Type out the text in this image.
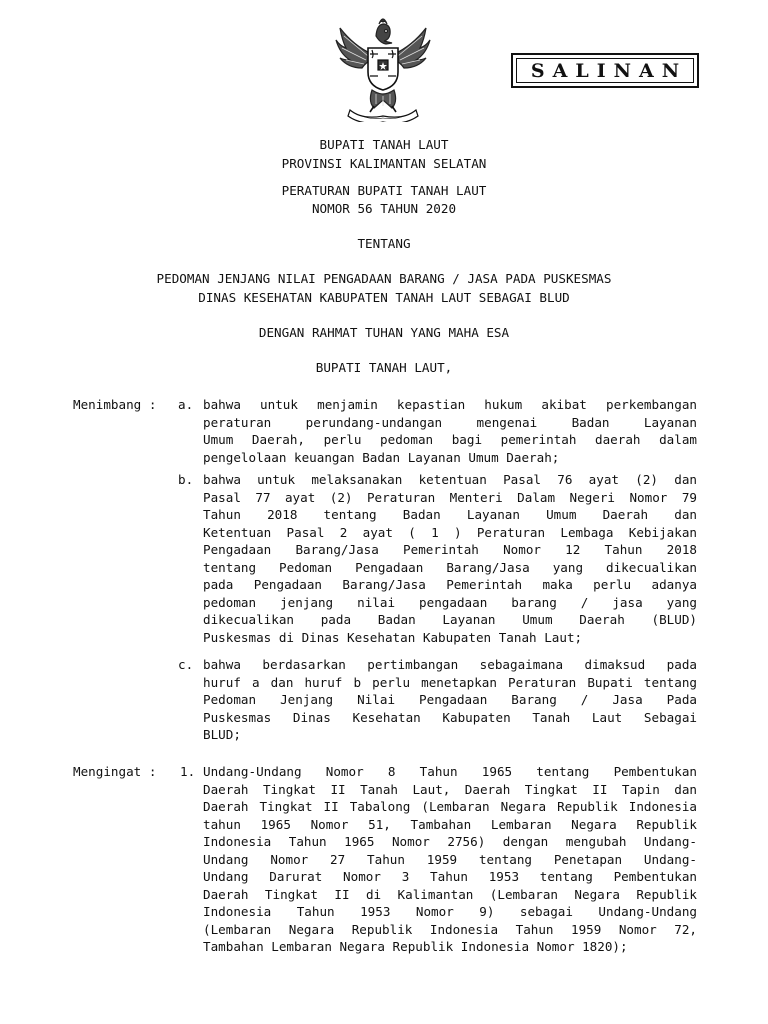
SALINAN
BUPATI TANAH LAUT
PROVINSI KALIMANTAN SELATAN
PERATURAN BUPATI TANAH LAUT
NOMOR 56 TAHUN 2020
TENTANG
PEDOMAN JENJANG NILAI PENGADAAN BARANG / JASA PADA PUSKESMAS
DINAS KESEHATAN KABUPATEN TANAH LAUT SEBAGAI BLUD
DENGAN RAHMAT TUHAN YANG MAHA ESA
BUPATI TANAH LAUT,
Menimbang : a. bahwa untuk menjamin kepastian hukum akibat perkembangan
peraturan perundang-undangan mengenai Badan Layanan
Umum Daerah, perlu pedoman bagi pemerintah daerah dalam
pengelolaan keuangan Badan Layanan Umum Daerah;
b. bahwa untuk melaksanakan ketentuan Pasal 76 ayat (2) dan
Pasal 77 ayat (2) Peraturan Menteri Dalam Negeri Nomor 79
Tahun 2018 tentang Badan Layanan Umum Daerah dan
Ketentuan Pasal 2 ayat ( 1 ) Peraturan Lembaga Kebijakan
Pengadaan Barang/Jasa Pemerintah Nomor 12 Tahun 2018
tentang Pedoman Pengadaan Barang/Jasa yang dikecualikan
pada Pengadaan Barang/Jasa Pemerintah maka perlu adanya
pedoman jenjang nilai pengadaan barang / jasa yang
dikecualikan pada Badan Layanan Umum Daerah (BLUD)
Puskesmas di Dinas Kesehatan Kabupaten Tanah Laut;
c. bahwa berdasarkan pertimbangan sebagaimana dimaksud pada
huruf a dan huruf b perlu menetapkan Peraturan Bupati tentang
Pedoman Jenjang Nilai Pengadaan Barang / Jasa Pada
Puskesmas Dinas Kesehatan Kabupaten Tanah Laut Sebagai
BLUD;
Mengingat : 1. Undang-Undang Nomor 8 Tahun 1965 tentang Pembentukan
Daerah Tingkat II Tanah Laut, Daerah Tingkat II Tapin dan
Daerah Tingkat II Tabalong (Lembaran Negara Republik Indonesia
tahun 1965 Nomor 51, Tambahan Lembaran Negara Republik
Indonesia Tahun 1965 Nomor 2756) dengan mengubah Undang-
Undang Nomor 27 Tahun 1959 tentang Penetapan Undang-
Undang Darurat Nomor 3 Tahun 1953 tentang Pembentukan
Daerah Tingkat II di Kalimantan (Lembaran Negara Republik
Indonesia Tahun 1953 Nomor 9) sebagai Undang-Undang
(Lembaran Negara Republik Indonesia Tahun 1959 Nomor 72,
Tambahan Lembaran Negara Republik Indonesia Nomor 1820);
